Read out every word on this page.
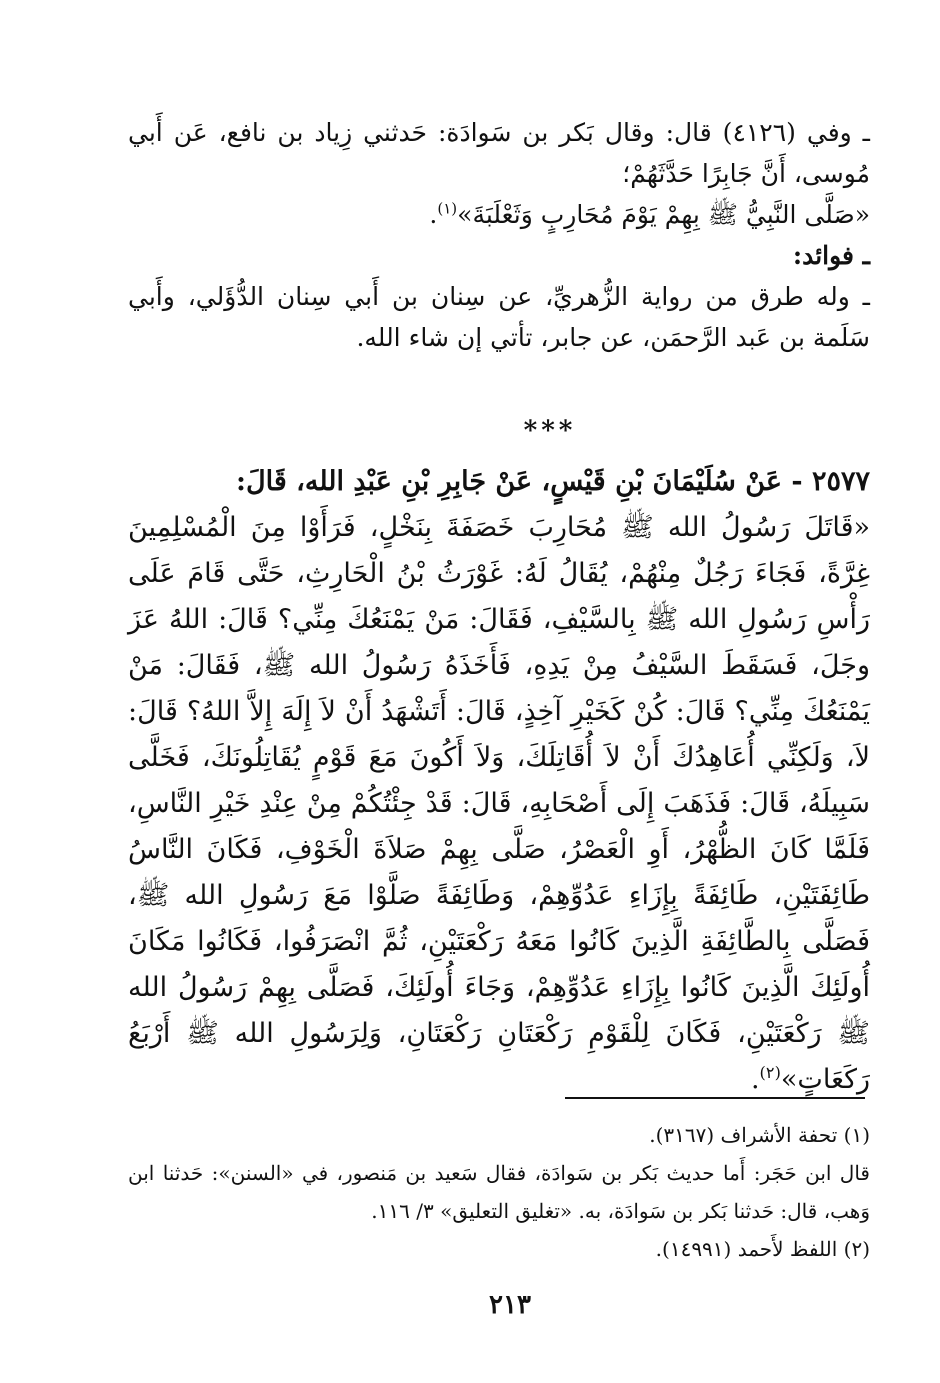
ـ وفي (٤١٢٦) قال: وقال بَكر بن سَوادَة: حَدثني زِياد بن نافع، عَن أَبي مُوسى، أَنَّ جَابِرًا حَدَّثَهُمْ؛

«صَلَّى النَّبِيُّ ﷺ بِهِمْ يَوْمَ مُحَارِبٍ وَثَعْلَبَةَ»$^{(١)}$.

ـ فوائد:

ـ وله طرق من رواية الزُّهريِّ، عن سِنان بن أَبي سِنان الدُّؤَلي، وأَبي سَلَمة بن عَبد الرَّحمَن، عن جابر، تأتي إن شاء الله.

***

٢٥٧٧ - عَنْ سُلَيْمَانَ بْنِ قَيْسٍ، عَنْ جَابِرِ بْنِ عَبْدِ الله، قَالَ:

«قَاتَلَ رَسُولُ الله ﷺ مُحَارِبَ خَصَفَةَ بِنَخْلٍ، فَرَأَوْا مِنَ الْمُسْلِمِينَ غِرَّةً، فَجَاءَ رَجُلٌ مِنْهُمْ، يُقَالُ لَهُ: غَوْرَثُ بْنُ الْحَارِثِ، حَتَّى قَامَ عَلَى رَأْسِ رَسُولِ الله ﷺ بِالسَّيْفِ، فَقَالَ: مَنْ يَمْنَعُكَ مِنِّي؟ قَالَ: اللهُ عَزَ وجَلَ، فَسَقَطَ السَّيْفُ مِنْ يَدِهِ، فَأَخَذَهُ رَسُولُ الله ﷺ، فَقَالَ: مَنْ يَمْنَعُكَ مِنِّي؟ قَالَ: كُنْ كَخَيْرِ آخِذٍ، قَالَ: أَتَشْهَدُ أَنْ لاَ إِلَهَ إِلاَّ اللهُ؟ قَالَ: لاَ، وَلَكِنِّي أُعَاهِدُكَ أَنْ لاَ أُقَاتِلَكَ، وَلاَ أَكُونَ مَعَ قَوْمٍ يُقَاتِلُونَكَ، فَخَلَّى سَبِيلَهُ، قَالَ: فَذَهَبَ إِلَى أَصْحَابِهِ، قَالَ: قَدْ جِئْتُكُمْ مِنْ عِنْدِ خَيْرِ النَّاسِ، فَلَمَّا كَانَ الظُّهْرُ، أَوِ الْعَصْرُ، صَلَّى بِهِمْ صَلاَةَ الْخَوْفِ، فَكَانَ النَّاسُ طَائِفَتَيْنِ، طَائِفَةً بِإِزَاءِ عَدُوِّهِمْ، وَطَائِفَةً صَلَّوْا مَعَ رَسُولِ الله ﷺ، فَصَلَّى بِالطَّائِفَةِ الَّذِينَ كَانُوا مَعَهُ رَكْعَتَيْنِ، ثُمَّ انْصَرَفُوا، فَكَانُوا مَكَانَ أُولَئِكَ الَّذِينَ كَانُوا بِإِزَاءِ عَدُوِّهِمْ، وَجَاءَ أُولَئِكَ، فَصَلَّى بِهِمْ رَسُولُ الله ﷺ رَكْعَتَيْنِ، فَكَانَ لِلْقَوْمِ رَكْعَتَانِ رَكْعَتَانِ، وَلِرَسُولِ الله ﷺ أَرْبَعُ رَكَعَاتٍ»$^{(٢)}$.

(١) تحفة الأشراف (٣١٦٧).

قال ابن حَجَر: أَما حديث بَكر بن سَوادَة، فقال سَعيد بن مَنصور، في «السنن»: حَدثنا ابن وَهب، قال: حَدثنا بَكر بن سَوادَة، به. «تغليق التعليق» ٣/ ١١٦.

(٢) اللفظ لأَحمد (١٤٩٩١).

٢١٣
